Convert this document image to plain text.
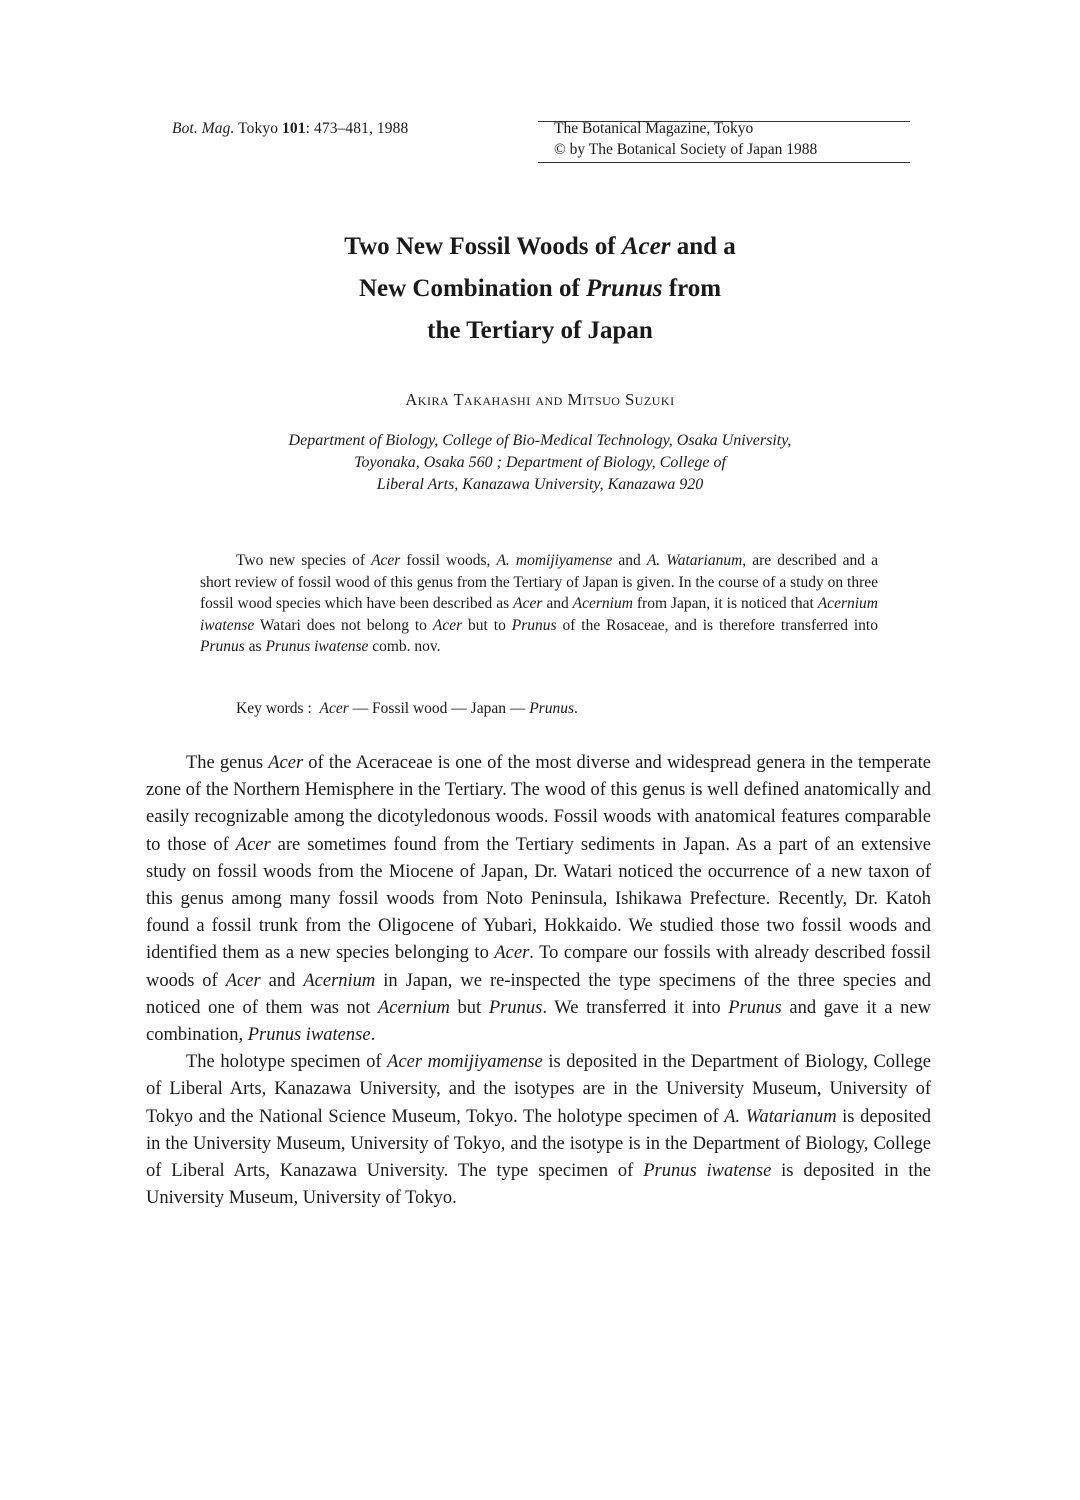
Bot. Mag. Tokyo 101: 473–481, 1988	The Botanical Magazine, Tokyo
© by The Botanical Society of Japan 1988
Two New Fossil Woods of Acer and a
New Combination of Prunus from
the Tertiary of Japan
Akira Takahashi and Mitsuo Suzuki
Department of Biology, College of Bio-Medical Technology, Osaka University,
Toyonaka, Osaka 560 ; Department of Biology, College of
Liberal Arts, Kanazawa University, Kanazawa 920

Two new species of Acer fossil woods, A. momijiyamense and A. Watarianum, are described and a short review of fossil wood of this genus from the Tertiary of Japan is given. In the course of a study on three fossil wood species which have been described as Acer and Acernium from Japan, it is noticed that Acernium iwatense Watari does not belong to Acer but to Prunus of the Rosaceae, and is therefore transferred into Prunus as Prunus iwatense comb. nov.

Key words : Acer — Fossil wood — Japan — Prunus.

The genus Acer of the Aceraceae is one of the most diverse and widespread genera in the temperate zone of the Northern Hemisphere in the Tertiary. The wood of this genus is well defined anatomically and easily recognizable among the dicotyledonous woods. Fossil woods with anatomical features comparable to those of Acer are sometimes found from the Tertiary sediments in Japan. As a part of an extensive study on fossil woods from the Miocene of Japan, Dr. Watari noticed the occurrence of a new taxon of this genus among many fossil woods from Noto Peninsula, Ishikawa Prefecture. Recently, Dr. Katoh found a fossil trunk from the Oligocene of Yubari, Hokkaido. We studied those two fossil woods and identified them as a new species belonging to Acer. To compare our fossils with already described fossil woods of Acer and Acernium in Japan, we re-inspected the type specimens of the three species and noticed one of them was not Acernium but Prunus. We transferred it into Prunus and gave it a new combination, Prunus iwatense.

The holotype specimen of Acer momijiyamense is deposited in the Department of Biology, College of Liberal Arts, Kanazawa University, and the isotypes are in the University Museum, University of Tokyo and the National Science Museum, Tokyo. The holotype specimen of A. Watarianum is deposited in the University Museum, University of Tokyo, and the isotype is in the Department of Biology, College of Liberal Arts, Kanazawa University. The type specimen of Prunus iwatense is deposited in the University Museum, University of Tokyo.
